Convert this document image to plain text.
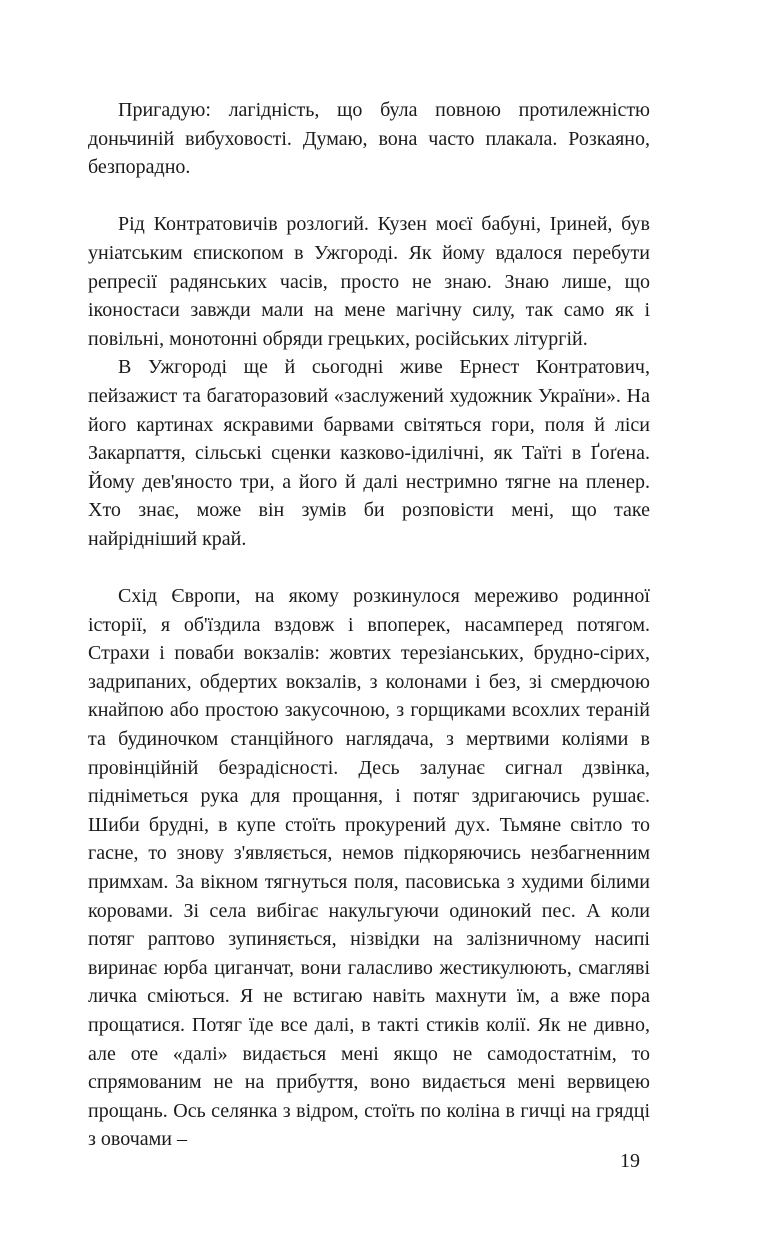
Пригадую: лагідність, що була повною протилежністю доньчиній вибуховості. Думаю, вона часто плакала. Розкаяно, безпорадно.

Рід Контратовичів розлогий. Кузен моєї бабуні, Іриней, був уніатським єпископом в Ужгороді. Як йому вдалося перебути репресії радянських часів, просто не знаю. Знаю лише, що іконостаси завжди мали на мене магічну силу, так само як і повільні, монотонні обряди грецьких, російських літургій.

В Ужгороді ще й сьогодні живе Ернест Контратович, пейзажист та багаторазовий «заслужений художник України». На його картинах яскравими барвами світяться гори, поля й ліси Закарпаття, сільські сценки казково-ідилічні, як Таїті в Ґоґена. Йому дев'яносто три, а його й далі нестримно тягне на пленер. Хто знає, може він зумів би розповісти мені, що таке найрідніший край.

Схід Європи, на якому розкинулося мереживо родинної історії, я об'їздила вздовж і впоперек, насамперед потягом. Страхи і поваби вокзалів: жовтих терезіанських, брудно-сірих, задрипаних, обдертих вокзалів, з колонами і без, зі смердючою кнайпою або простою закусочною, з горщиками всохлих тераній та будиночком станційного наглядача, з мертвими коліями в провінційній безрадісності. Десь залунає сигнал дзвінка, підніметься рука для прощання, і потяг здригаючись рушає. Шиби брудні, в купе стоїть прокурений дух. Тьмяне світло то гасне, то знову з'являється, немов підкоряючись незбагненним примхам. За вікном тягнуться поля, пасовиська з худими білими коровами. Зі села вибігає накульгуючи одинокий пес. А коли потяг раптово зупиняється, нізвідки на залізничному насипі виринає юрба циганчат, вони галасливо жестикулюють, смагляві личка сміються. Я не встигаю навіть махнути їм, а вже пора прощатися. Потяг їде все далі, в такті стиків колії. Як не дивно, але оте «далі» видається мені якщо не самодостатнім, то спрямованим не на прибуття, воно видається мені вервицею прощань. Ось селянка з відром, стоїть по коліна в гичці на грядці з овочами –

19
